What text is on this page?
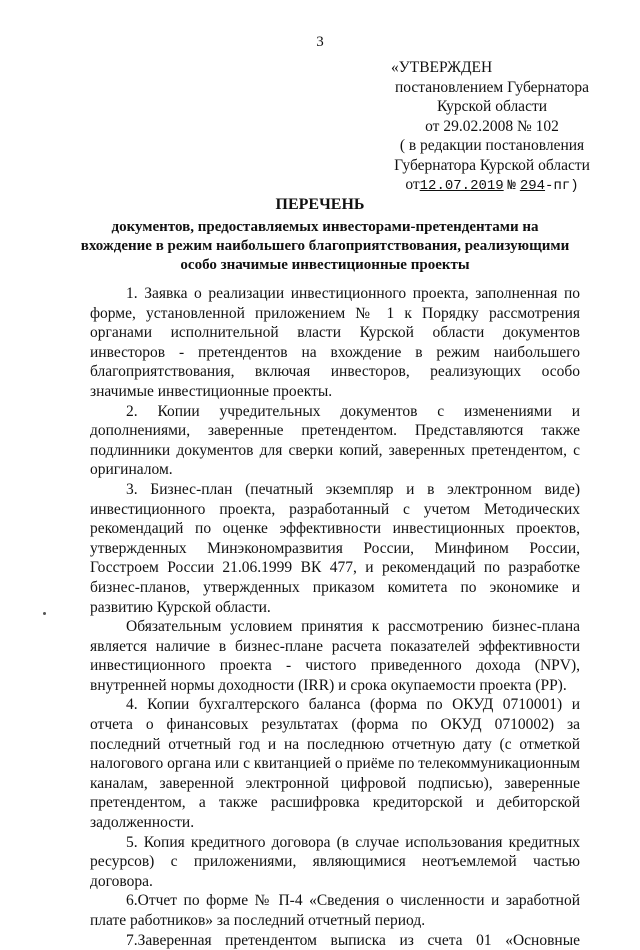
3
«УТВЕРЖДЕН
постановлением Губернатора
Курской области
от 29.02.2008 № 102
( в редакции постановления
Губернатора Курской области
от12.07.2019 № 294-пг)
ПЕРЕЧЕНЬ
документов, предоставляемых инвесторами-претендентами на вхождение в режим наибольшего благоприятствования, реализующими особо значимые инвестиционные проекты

1. Заявка о реализации инвестиционного проекта, заполненная по форме, установленной приложением № 1 к Порядку рассмотрения органами исполнительной власти Курской области документов инвесторов - претендентов на вхождение в режим наибольшего благоприятствования, включая инвесторов, реализующих особо значимые инвестиционные проекты.

2. Копии учредительных документов с изменениями и дополнениями, заверенные претендентом. Представляются также подлинники документов для сверки копий, заверенных претендентом, с оригиналом.

3. Бизнес-план (печатный экземпляр и в электронном виде) инвестиционного проекта, разработанный с учетом Методических рекомендаций по оценке эффективности инвестиционных проектов, утвержденных Минэкономразвития России, Минфином России, Госстроем России 21.06.1999 ВК 477, и рекомендаций по разработке бизнес-планов, утвержденных приказом комитета по экономике и развитию Курской области.

Обязательным условием принятия к рассмотрению бизнес-плана является наличие в бизнес-плане расчета показателей эффективности инвестиционного проекта - чистого приведенного дохода (NPV), внутренней нормы доходности (IRR) и срока окупаемости проекта (PP).

4. Копии бухгалтерского баланса (форма по ОКУД 0710001) и отчета о финансовых результатах (форма по ОКУД 0710002) за последний отчетный год и на последнюю отчетную дату (с отметкой налогового органа или с квитанцией о приёме по телекоммуникационным каналам, заверенной электронной цифровой подписью), заверенные претендентом, а также расшифровка кредиторской и дебиторской задолженности.

5. Копия кредитного договора (в случае использования кредитных ресурсов) с приложениями, являющимися неотъемлемой частью договора.

6.Отчет по форме № П-4 «Сведения о численности и заработной плате работников» за последний отчетный период.

7.Заверенная претендентом выписка из счета 01 «Основные
